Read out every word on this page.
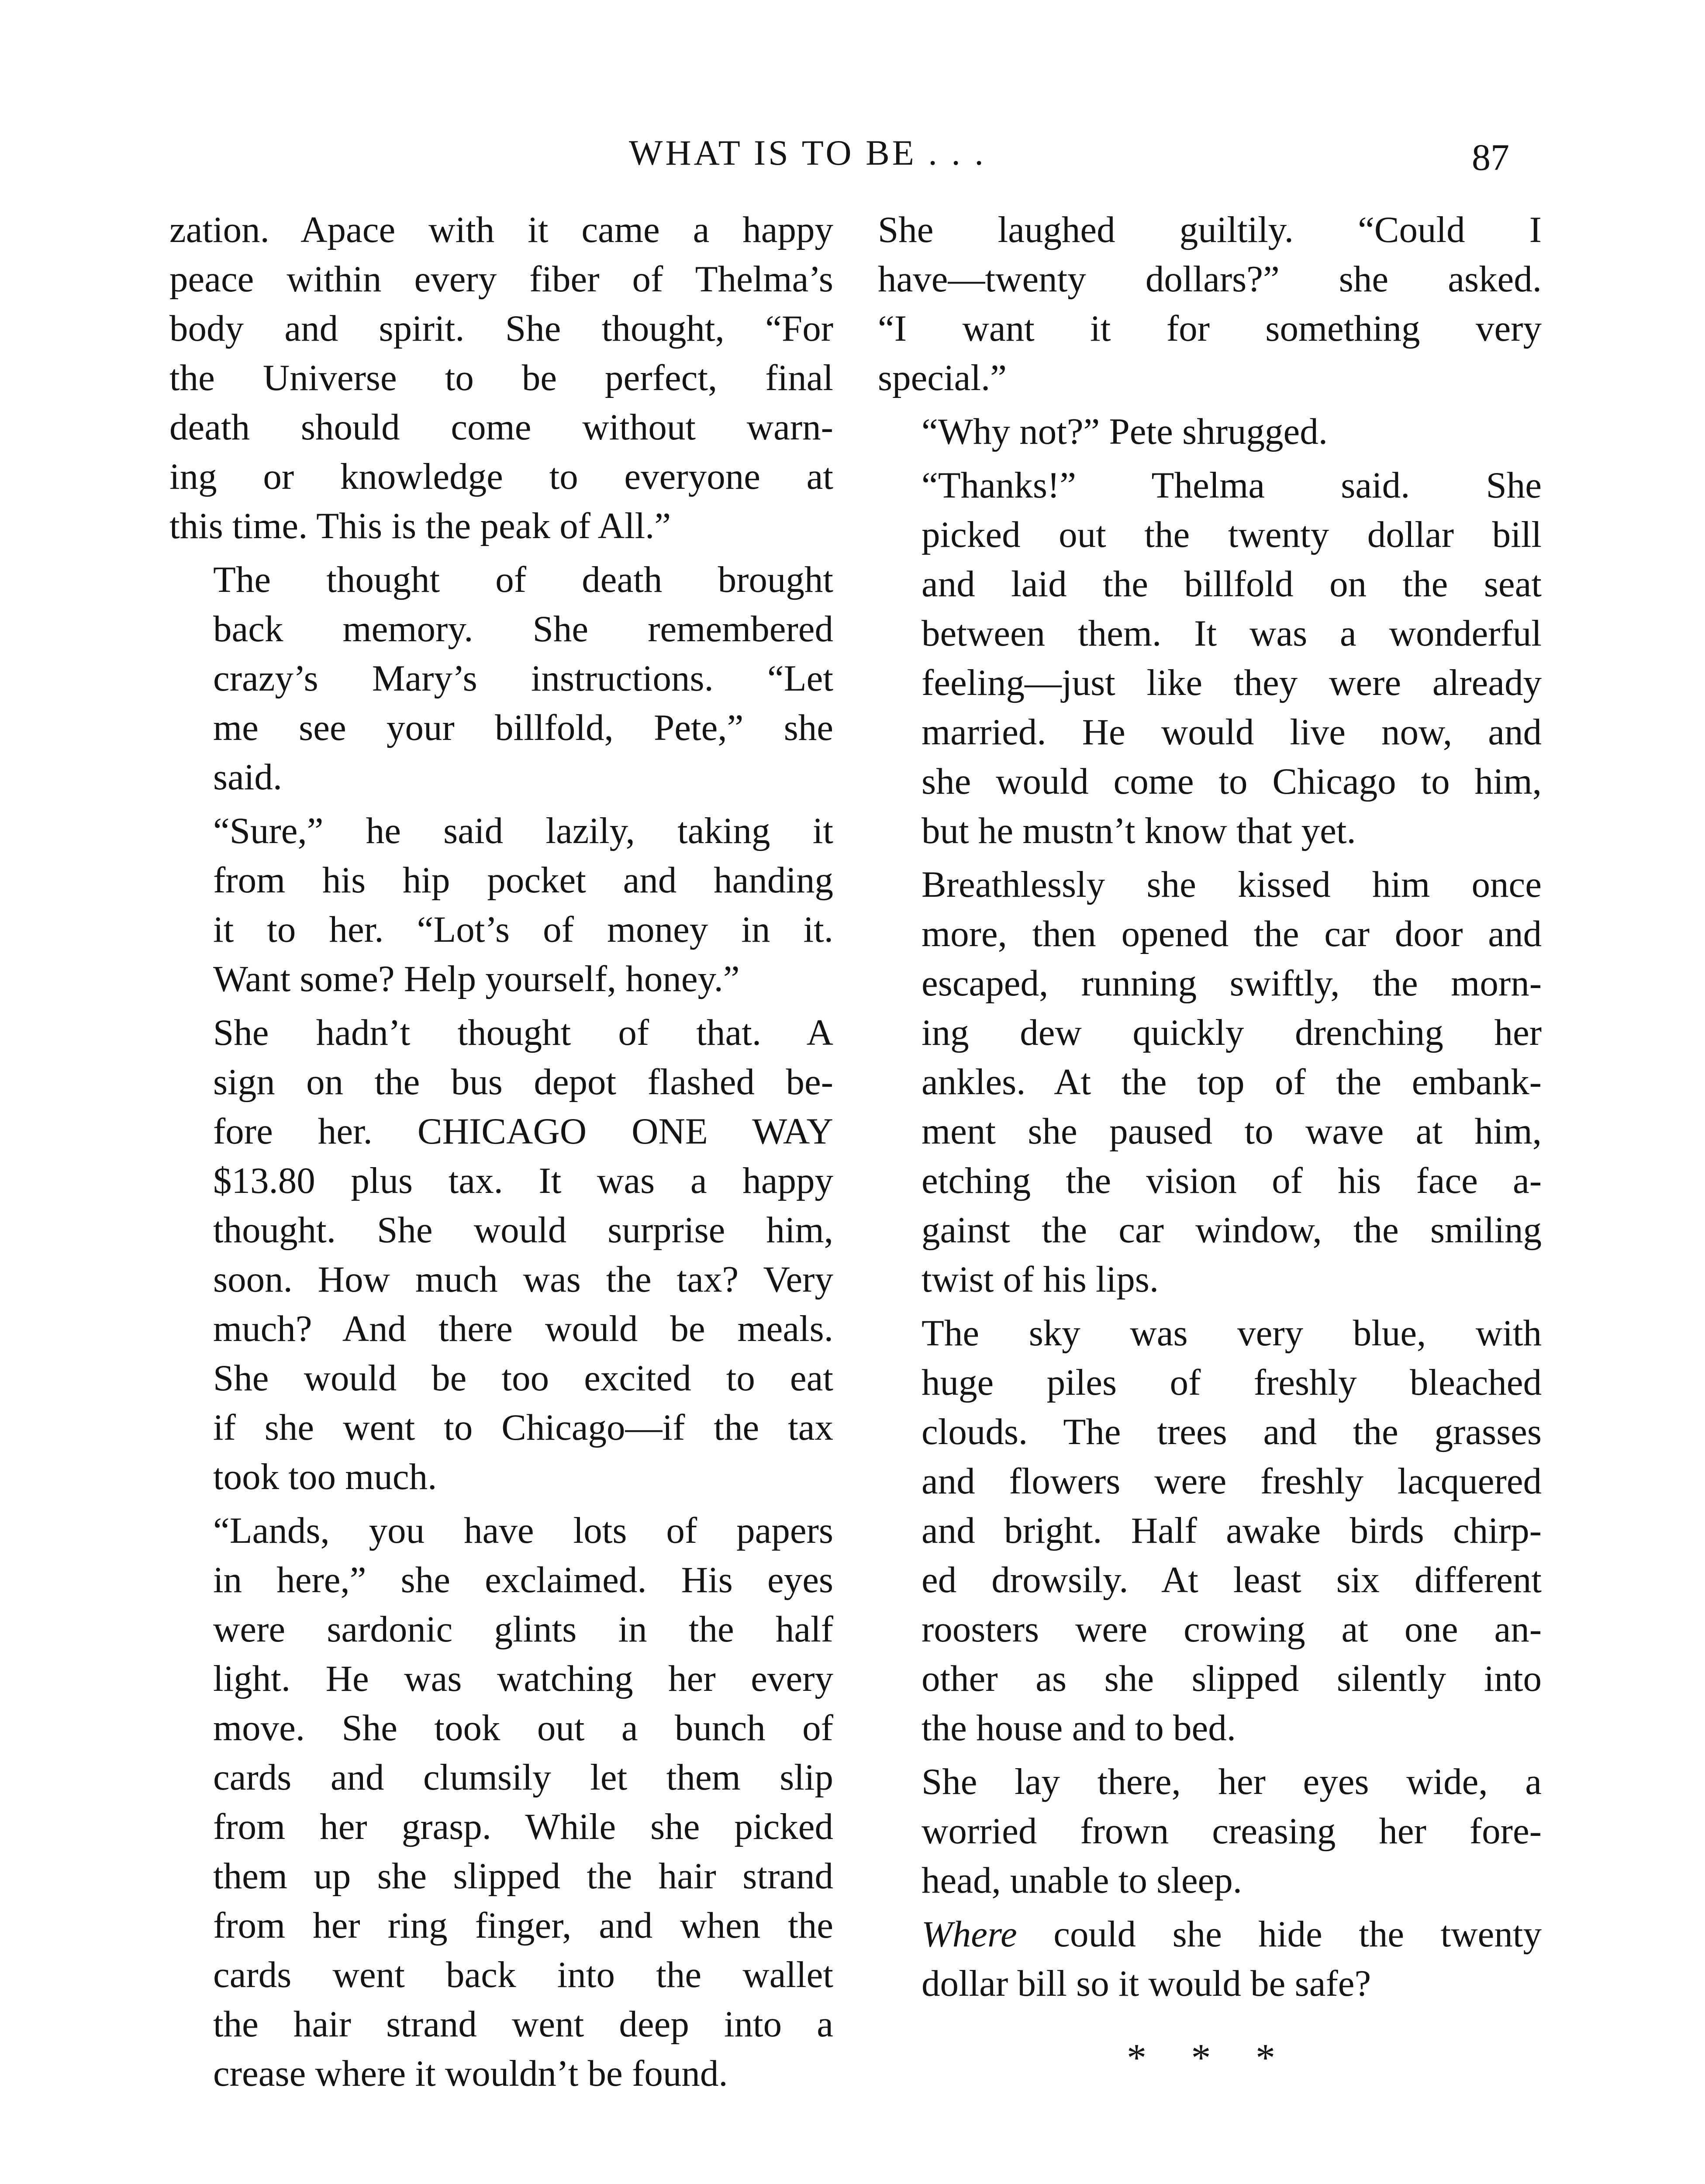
WHAT IS TO BE . . .	87

zation. Apace with it came a happy
peace within every fiber of Thelma’s
body and spirit. She thought, “For
the Universe to be perfect, final
death should come without warn-
ing or knowledge to everyone at
this time. This is the peak of All.”

The thought of death brought
back memory. She remembered
crazy’s Mary’s instructions. “Let
me see your billfold, Pete,” she
said.

“Sure,” he said lazily, taking it
from his hip pocket and handing
it to her. “Lot’s of money in it.
Want some? Help yourself, honey.”

She hadn’t thought of that. A
sign on the bus depot flashed be-
fore her. CHICAGO ONE WAY
$13.80 plus tax. It was a happy
thought. She would surprise him,
soon. How much was the tax? Very
much? And there would be meals.
She would be too excited to eat
if she went to Chicago—if the tax
took too much.

“Lands, you have lots of papers
in here,” she exclaimed. His eyes
were sardonic glints in the half
light. He was watching her every
move. She took out a bunch of
cards and clumsily let them slip
from her grasp. While she picked
them up she slipped the hair strand
from her ring finger, and when the
cards went back into the wallet
the hair strand went deep into a
crease where it wouldn’t be found.

She laughed guiltily. “Could I
have—twenty dollars?” she asked.
“I want it for something very
special.”

“Why not?” Pete shrugged.

“Thanks!” Thelma said. She
picked out the twenty dollar bill
and laid the billfold on the seat
between them. It was a wonderful
feeling—just like they were already
married. He would live now, and
she would come to Chicago to him,
but he mustn’t know that yet.

Breathlessly she kissed him once
more, then opened the car door and
escaped, running swiftly, the morn-
ing dew quickly drenching her
ankles. At the top of the embank-
ment she paused to wave at him,
etching the vision of his face a-
gainst the car window, the smiling
twist of his lips.

The sky was very blue, with
huge piles of freshly bleached
clouds. The trees and the grasses
and flowers were freshly lacquered
and bright. Half awake birds chirp-
ed drowsily. At least six different
roosters were crowing at one an-
other as she slipped silently into
the house and to bed.

She lay there, her eyes wide, a
worried frown creasing her fore-
head, unable to sleep.

Where could she hide the twenty
dollar bill so it would be safe?

* * *
